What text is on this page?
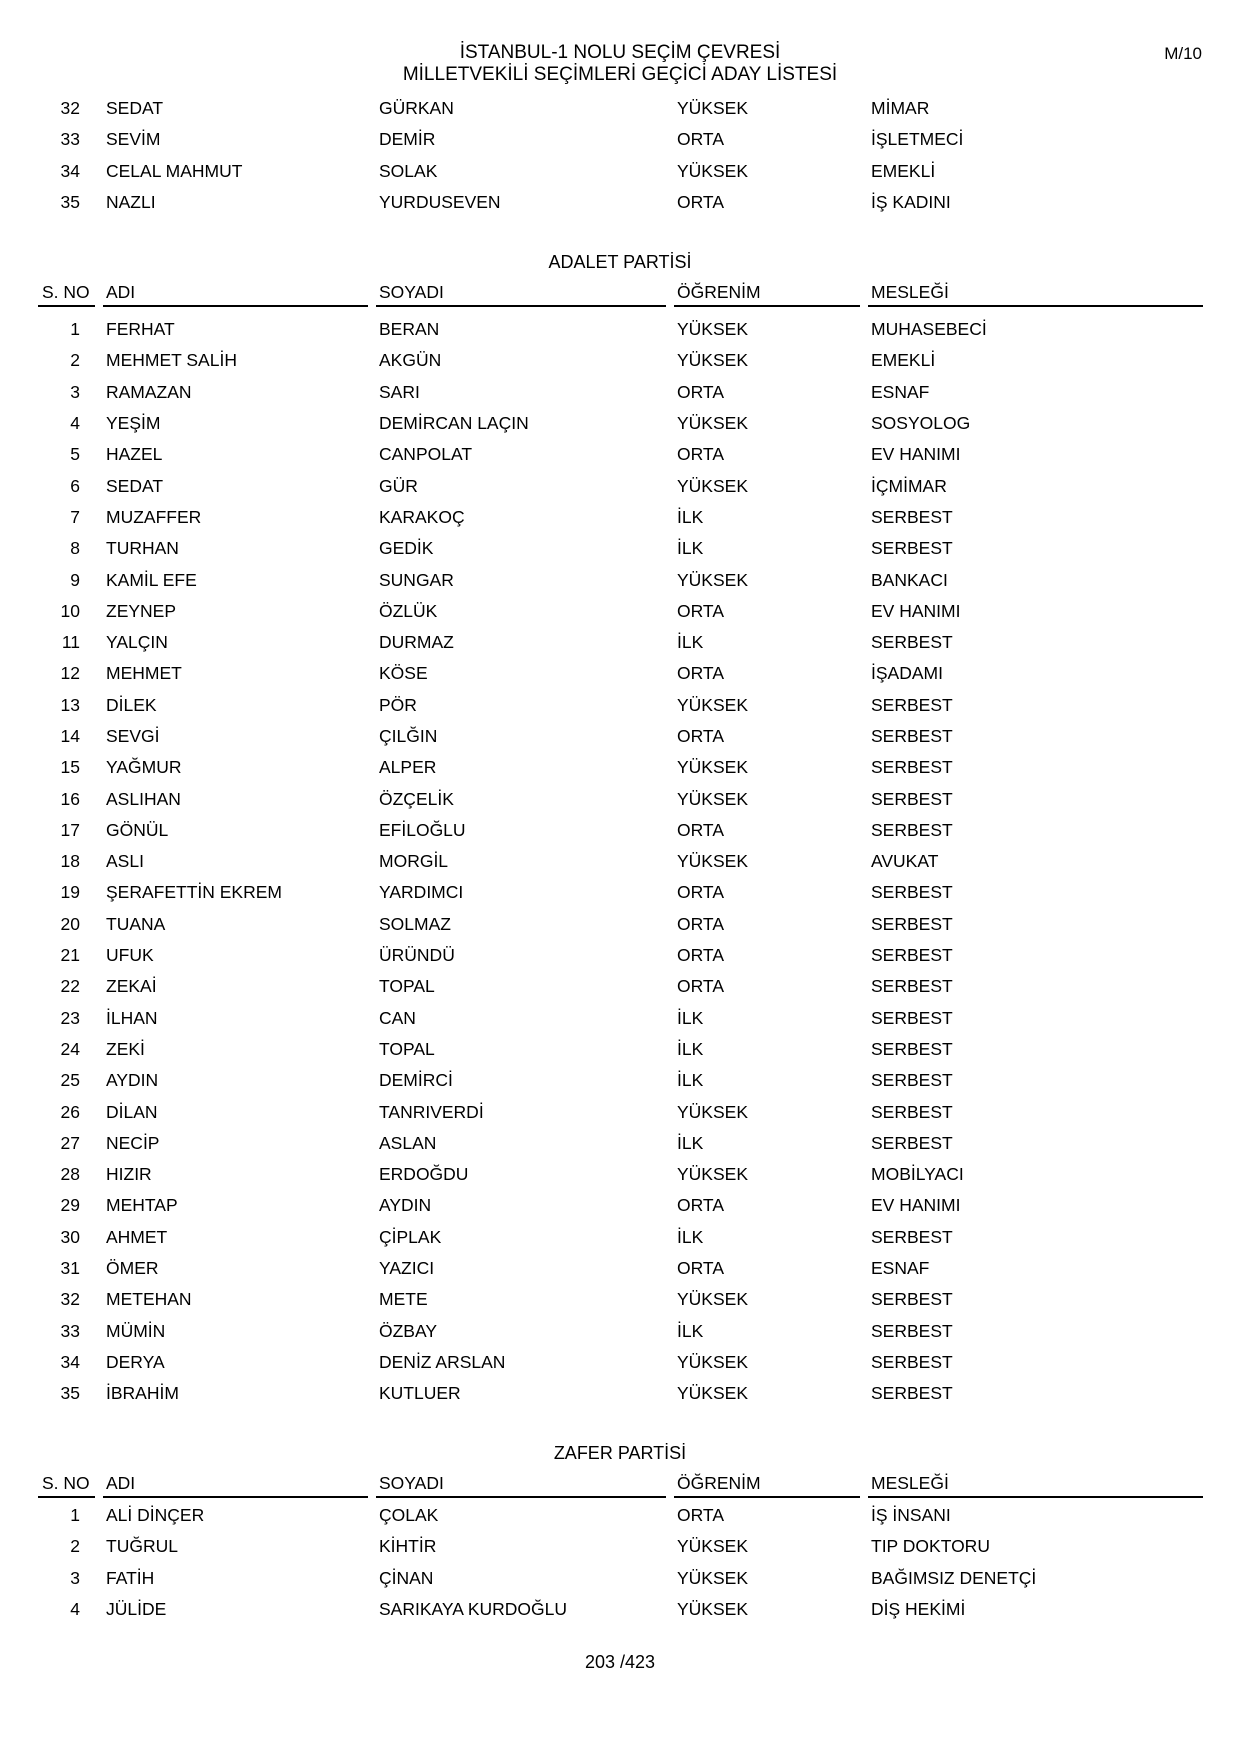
M/10
İSTANBUL-1 NOLU SEÇİM ÇEVRESİ
MİLLETVEKİLİ SEÇİMLERİ GEÇİCİ ADAY LİSTESİ
32	SEDAT	GÜRKAN	YÜKSEK	MİMAR
33	SEVİM	DEMİR	ORTA	İŞLETMECİ
34	CELAL MAHMUT	SOLAK	YÜKSEK	EMEKLİ
35	NAZLI	YURDUSEVEN	ORTA	İŞ KADINI
ADALET PARTİSİ
S. NO ADI	SOYADI	ÖĞRENİM	MESLEĞİ
1	FERHAT	BERAN	YÜKSEK	MUHASEBECİ
2	MEHMET SALİH	AKGÜN	YÜKSEK	EMEKLİ
3	RAMAZAN	SARI	ORTA	ESNAF
4	YEŞİM	DEMİRCAN LAÇIN	YÜKSEK	SOSYOLOG
5	HAZEL	CANPOLAT	ORTA	EV HANIMI
6	SEDAT	GÜR	YÜKSEK	İÇMİMAR
7	MUZAFFER	KARAKOÇ	İLK	SERBEST
8	TURHAN	GEDİK	İLK	SERBEST
9	KAMİL EFE	SUNGAR	YÜKSEK	BANKACI
10	ZEYNEP	ÖZLÜK	ORTA	EV HANIMI
11	YALÇIN	DURMAZ	İLK	SERBEST
12	MEHMET	KÖSE	ORTA	İŞADAMI
13	DİLEK	PÖR	YÜKSEK	SERBEST
14	SEVGİ	ÇILĞIN	ORTA	SERBEST
15	YAĞMUR	ALPER	YÜKSEK	SERBEST
16	ASLIHAN	ÖZÇELİK	YÜKSEK	SERBEST
17	GÖNÜL	EFİLOĞLU	ORTA	SERBEST
18	ASLI	MORGİL	YÜKSEK	AVUKAT
19	ŞERAFETTİN EKREM	YARDIMCI	ORTA	SERBEST
20	TUANA	SOLMAZ	ORTA	SERBEST
21	UFUK	ÜRÜNDÜ	ORTA	SERBEST
22	ZEKAİ	TOPAL	ORTA	SERBEST
23	İLHAN	CAN	İLK	SERBEST
24	ZEKİ	TOPAL	İLK	SERBEST
25	AYDIN	DEMİRCİ	İLK	SERBEST
26	DİLAN	TANRIVERDİ	YÜKSEK	SERBEST
27	NECİP	ASLAN	İLK	SERBEST
28	HIZIR	ERDOĞDU	YÜKSEK	MOBİLYACI
29	MEHTAP	AYDIN	ORTA	EV HANIMI
30	AHMET	ÇİPLAK	İLK	SERBEST
31	ÖMER	YAZICI	ORTA	ESNAF
32	METEHAN	METE	YÜKSEK	SERBEST
33	MÜMİN	ÖZBAY	İLK	SERBEST
34	DERYA	DENİZ ARSLAN	YÜKSEK	SERBEST
35	İBRAHİM	KUTLUER	YÜKSEK	SERBEST
ZAFER PARTİSİ
S. NO ADI	SOYADI	ÖĞRENİM	MESLEĞİ
1	ALİ DİNÇER	ÇOLAK	ORTA	İŞ İNSANI
2	TUĞRUL	KİHTİR	YÜKSEK	TIP DOKTORU
3	FATİH	ÇİNAN	YÜKSEK	BAĞIMSIZ DENETÇİ
4	JÜLİDE	SARIKAYA KURDOĞLU	YÜKSEK	DİŞ HEKİMİ
203 /423
